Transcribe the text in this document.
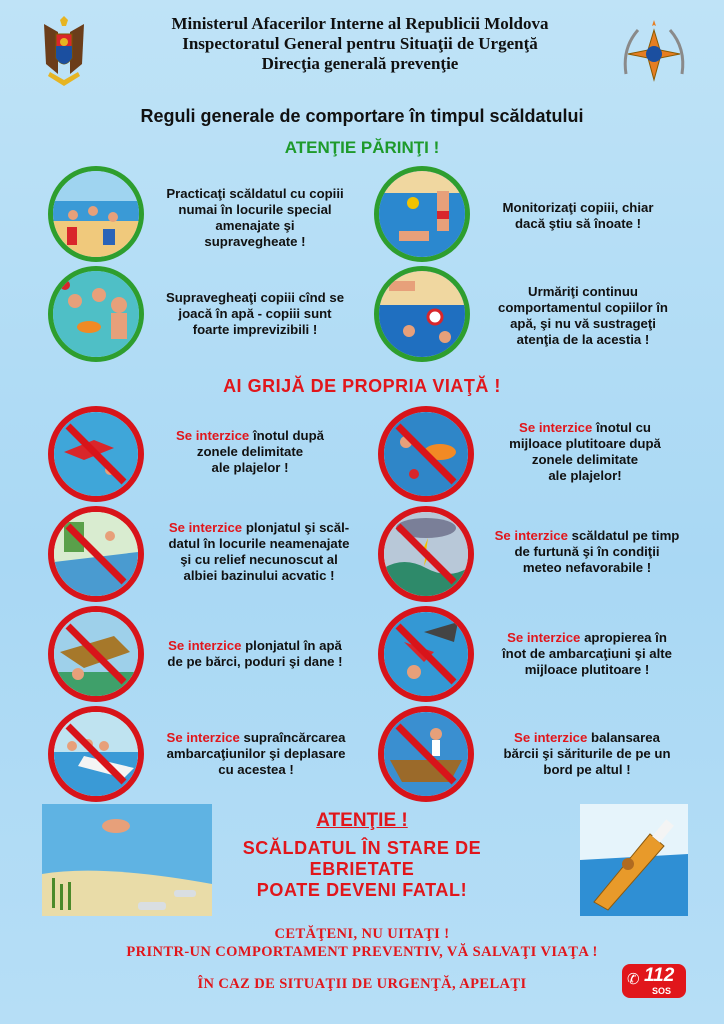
Ministerul Afacerilor Interne al Republicii Moldova
Inspectoratul General pentru Situaţii de Urgenţă
Direcţia generală prevenţie
Reguli generale de comportare în timpul scăldatului
ATENŢIE PĂRINŢI !
Practicaţi scăldatul cu copiii
numai în locurile special
amenajate şi
supravegheate !
Monitorizaţi copiii, chiar
dacă ştiu să înoate !
Supravegheaţi copiii cînd se
joacă în apă - copiii sunt
foarte imprevizibili !
Urmăriţi continuu
comportamentul copiilor în
apă, şi nu vă sustrageţi
atenţia de la acestia !
AI GRIJĂ DE PROPRIA VIAŢĂ !
Se interzice înotul după
zonele delimitate
ale plajelor !
Se interzice înotul cu
mijloace plutitoare după
zonele delimitate
ale plajelor!
Se interzice plonjatul şi scăl-
datul în locurile neamenajate
şi cu relief necunoscut al
albiei bazinului acvatic !
Se interzice scăldatul pe timp
de furtună şi în condiţii
meteo nefavorabile !
Se interzice plonjatul în apă
de pe bărci, poduri şi dane !
Se interzice apropierea în
înot de ambarcaţiuni şi alte
mijloace plutitoare !
Se interzice supraîncărcarea
ambarcaţiunilor şi deplasare
cu acestea !
Se interzice balansarea
bărcii şi săriturile de pe un
bord pe altul !
ATENŢIE !
SCĂLDATUL ÎN STARE DE
EBRIETATE
POATE DEVENI FATAL!
CETĂŢENI, NU UITAŢI !
PRINTR-UN COMPORTAMENT PREVENTIV, VĂ SALVAŢI VIAŢA !
ÎN CAZ DE SITUAŢII DE URGENŢĂ, APELAŢI	✆ 112
SOS
